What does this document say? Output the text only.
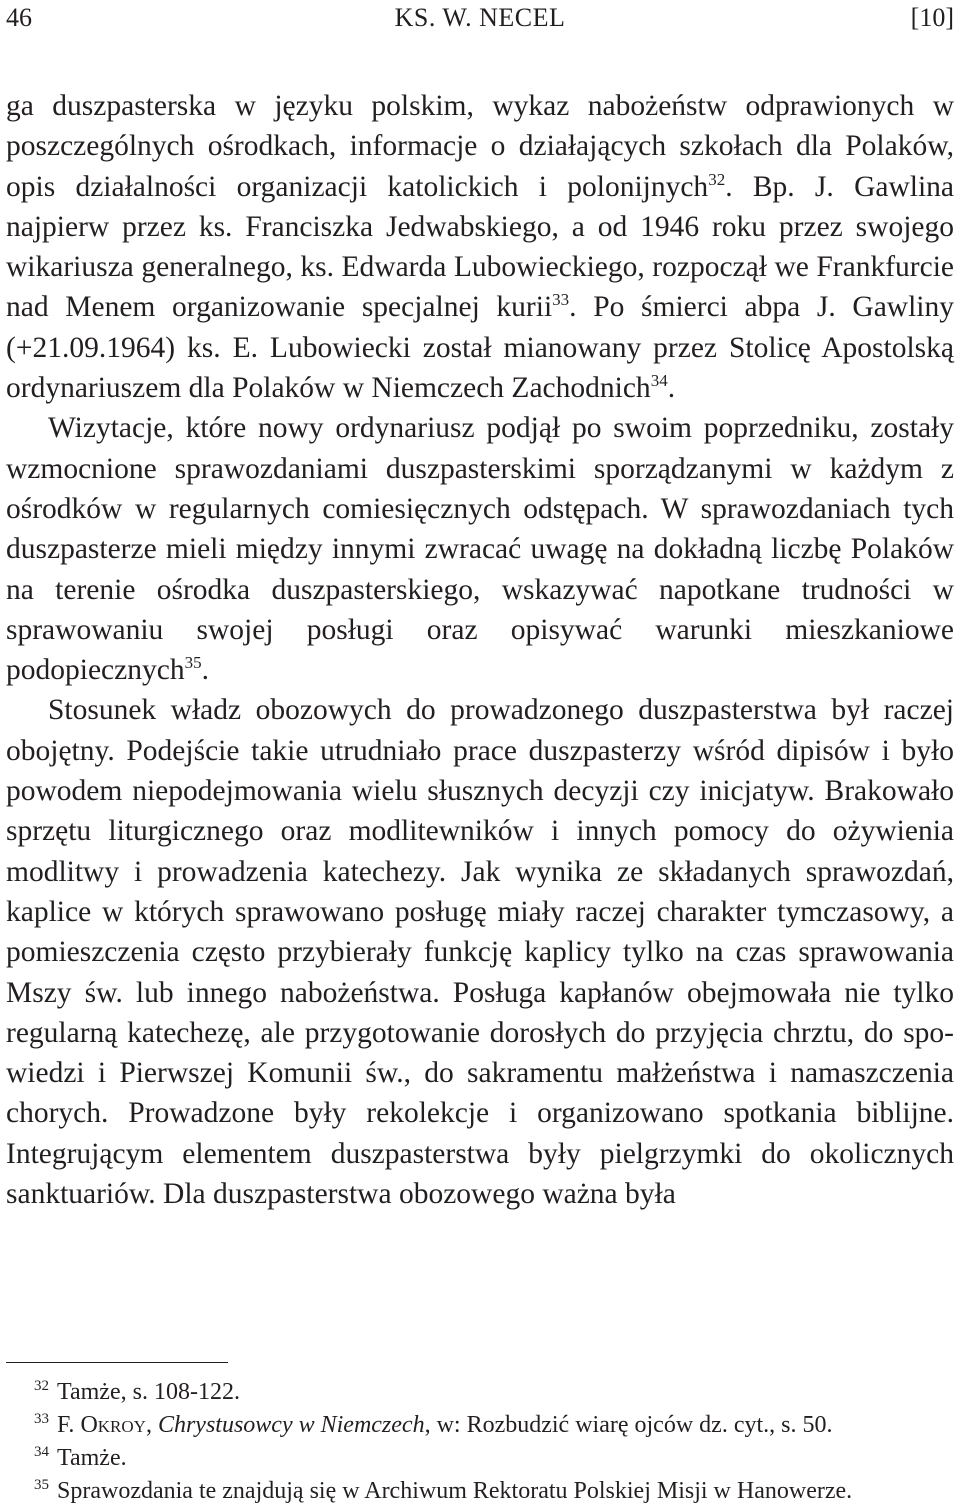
46	KS. W. NECEL	[10]

ga duszpasterska w języku polskim, wykaz nabożeństw odprawionych w poszczególnych ośrodkach, informacje o działających szkołach dla Polaków, opis działalności organizacji katolickich i polonijnych$^{32}$. Bp. J. Gawlina najpierw przez ks. Franciszka Jedwabskiego, a od 1946 roku przez swojego wikariusza generalnego, ks. Edwarda Lubowieckiego, rozpoczął we Frankfurcie nad Menem organizowanie specjalnej kurii$^{33}$. Po śmierci abpa J. Gawliny (+21.09.1964) ks. E. Lubowiecki został mianowany przez Stolicę Apostolską ordynariuszem dla Polaków w Niemczech Zachodnich$^{34}$.

Wizytacje, które nowy ordynariusz podjął po swoim poprzedniku, zostały wzmocnione sprawozdaniami duszpasterskimi sporządzanymi w każdym z ośrodków w regularnych comiesięcznych odstępach. W sprawozdaniach tych duszpasterze mieli między innymi zwracać uwagę na dokładną liczbę Polaków na terenie ośrodka duszpasterskiego, wskazywać napotkane trudności w sprawowaniu swojej posługi oraz opisywać warunki mieszkaniowe podopiecznych$^{35}$.

Stosunek władz obozowych do prowadzonego duszpasterstwa był raczej obojętny. Podejście takie utrudniało prace duszpasterzy wśród dipisów i było powodem niepodejmowania wielu słusznych decyzji czy inicjatyw. Brakowało sprzętu liturgicznego oraz modlitewników i innych pomocy do ożywienia modlitwy i prowadzenia katechezy. Jak wynika ze składanych sprawozdań, kaplice w których sprawowano posługę miały raczej charakter tymczasowy, a pomieszczenia często przybierały funkcję kaplicy tylko na czas sprawowania Mszy św. lub innego nabożeństwa. Posługa kapłanów obejmowała nie tylko regularną katechezę, ale przygotowanie dorosłych do przyjęcia chrztu, do spowiedzi i Pierwszej Komunii św., do sakramentu małżeństwa i namaszczenia chorych. Prowadzone były rekolekcje i organizowano spotkania biblijne. Integrującym elementem duszpasterstwa były pielgrzymki do okolicznych sanktuariów. Dla duszpasterstwa obozowego ważna była

$^{32}$ Tamże, s. 108-122.
$^{33}$ F. Okroy, Chrystusowcy w Niemczech, w: Rozbudzić wiarę ojców dz. cyt., s. 50.
$^{34}$ Tamże.
$^{35}$ Sprawozdania te znajdują się w Archiwum Rektoratu Polskiej Misji w Hanowerze.
